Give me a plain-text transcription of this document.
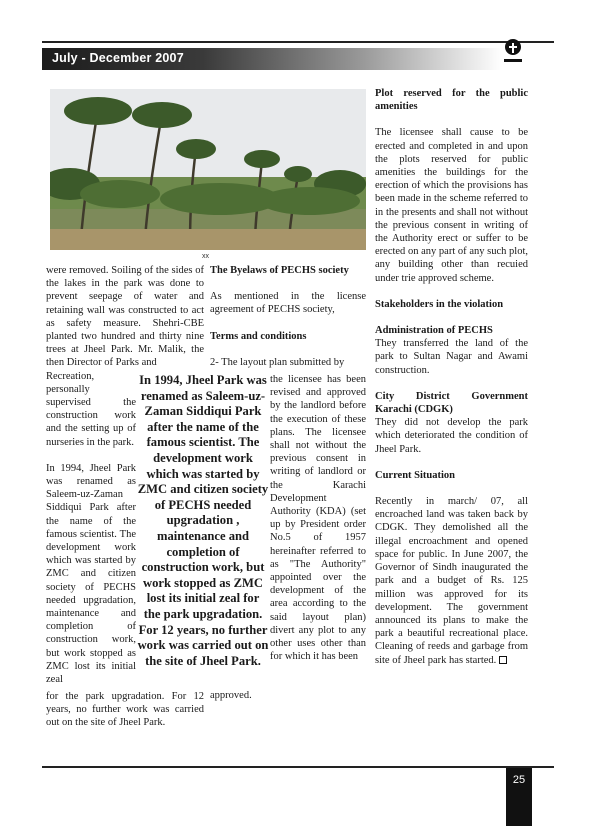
July - December 2007
xx

were removed. Soiling of the sides of the lakes in the park was done to prevent seepage of water and retaining wall was constructed to act as safety measure. Shehri-CBE planted two hundred and thirty nine trees at Jheel Park. Mr. Malik, the then Director of Parks and

Recreation, personally supervised the construction work and the setting up of nurseries in the park.

In 1994, Jheel Park was renamed as Saleem-uz-Zaman Siddiqui Park after the name of the famous scientist. The development work which was started by ZMC and citizen society of PECHS needed upgradation, maintenance and completion of construction work, but work stopped as ZMC lost its initial zeal

for the park upgradation. For 12 years, no further work was carried out on the site of Jheel Park.
In 1994, Jheel Park was renamed as Saleem-uz-Zaman Siddiqui Park after the name of the famous scientist. The development work which was started by ZMC and citizen society of PECHS needed upgradation , maintenance and completion of construction work, but work stopped as ZMC lost its initial zeal for the park upgradation. For 12 years, no further work was carried out on the site of Jheel Park.
The Byelaws of PECHS society

As mentioned in the license agreement of PECHS society,

Terms and conditions

2- The layout plan submitted by

the licensee has been revised and approved by the landlord before the execution of these plans. The licensee shall not without the previous consent in writing of landlord or the Karachi Development Authority (KDA) (set up by President order No.5 of 1957 hereinafter referred to as "The Authority" appointed over the development of the area according to the said layout plan) divert any plot to any other uses other than for which it has been
approved.
Plot reserved for the public amenities

The licensee shall cause to be erected and completed in and upon the plots reserved for public amenities the buildings for the erection of which the provisions has been made in the scheme referred to in the presents and shall not without the previous consent in writing of the Authority erect or suffer to be erected on any part of any such plot, any building other than recuied under trie approved scheme.

Stakeholders in the violation
Administration of PECHS

They transferred the land of the park to Sultan Nagar and Awami construction.

City District Government Karachi (CDGK)

They did not develop the park which deteriorated the condition of Jheel Park.

Current Situation

Recently in march/ 07, all encroached land was taken back by CDGK. They demolished all the illegal encroachment and opened space for public. In June 2007, the Governor of Sindh inaugurated the park and a budget of Rs. 125 million was approved for its development. The government announced its plans to make the park a beautiful recreational place. Cleaning of reeds and garbage from site of Jheel park has started.

25
